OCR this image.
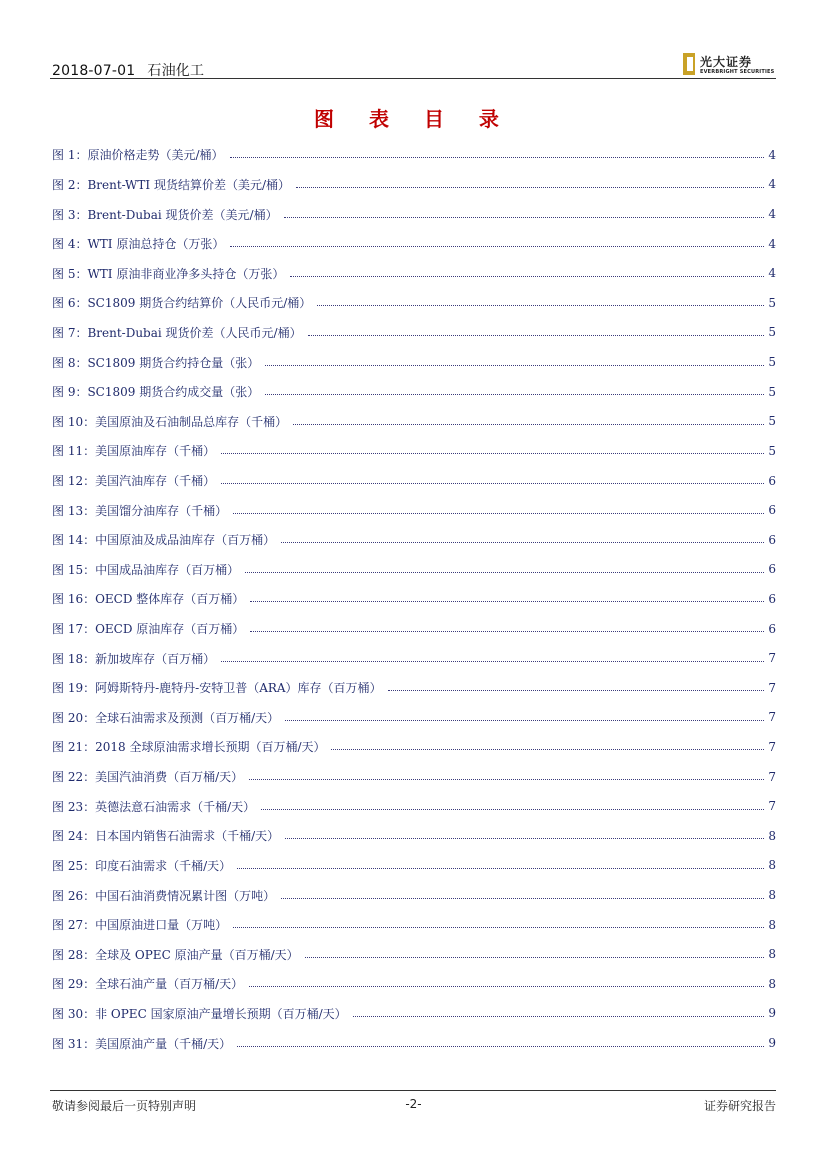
2018-07-01 石油化工
光大证券
EVERBRIGHT SECURITIES
图 表 目 录
图 1：原油价格走势（美元/桶）	4
图 2：Brent-WTI 现货结算价差（美元/桶）	4
图 3：Brent-Dubai 现货价差（美元/桶）	4
图 4：WTI 原油总持仓（万张）	4
图 5：WTI 原油非商业净多头持仓（万张）	4
图 6：SC1809 期货合约结算价（人民币元/桶）	5
图 7：Brent-Dubai 现货价差（人民币元/桶）	5
图 8：SC1809 期货合约持仓量（张）	5
图 9：SC1809 期货合约成交量（张）	5
图 10：美国原油及石油制品总库存（千桶）	5
图 11：美国原油库存（千桶）	5
图 12：美国汽油库存（千桶）	6
图 13：美国馏分油库存（千桶）	6
图 14：中国原油及成品油库存（百万桶）	6
图 15：中国成品油库存（百万桶）	6
图 16：OECD 整体库存（百万桶）	6
图 17：OECD 原油库存（百万桶）	6
图 18：新加坡库存（百万桶）	7
图 19：阿姆斯特丹-鹿特丹-安特卫普（ARA）库存（百万桶）	7
图 20：全球石油需求及预测（百万桶/天）	7
图 21：2018 全球原油需求增长预期（百万桶/天）	7
图 22：美国汽油消费（百万桶/天）	7
图 23：英德法意石油需求（千桶/天）	7
图 24：日本国内销售石油需求（千桶/天）	8
图 25：印度石油需求（千桶/天）	8
图 26：中国石油消费情况累计图（万吨）	8
图 27：中国原油进口量（万吨）	8
图 28：全球及 OPEC 原油产量（百万桶/天）	8
图 29：全球石油产量（百万桶/天）	8
图 30：非 OPEC 国家原油产量增长预期（百万桶/天）	9
图 31：美国原油产量（千桶/天）	9
敬请参阅最后一页特别声明	-2-	证券研究报告
